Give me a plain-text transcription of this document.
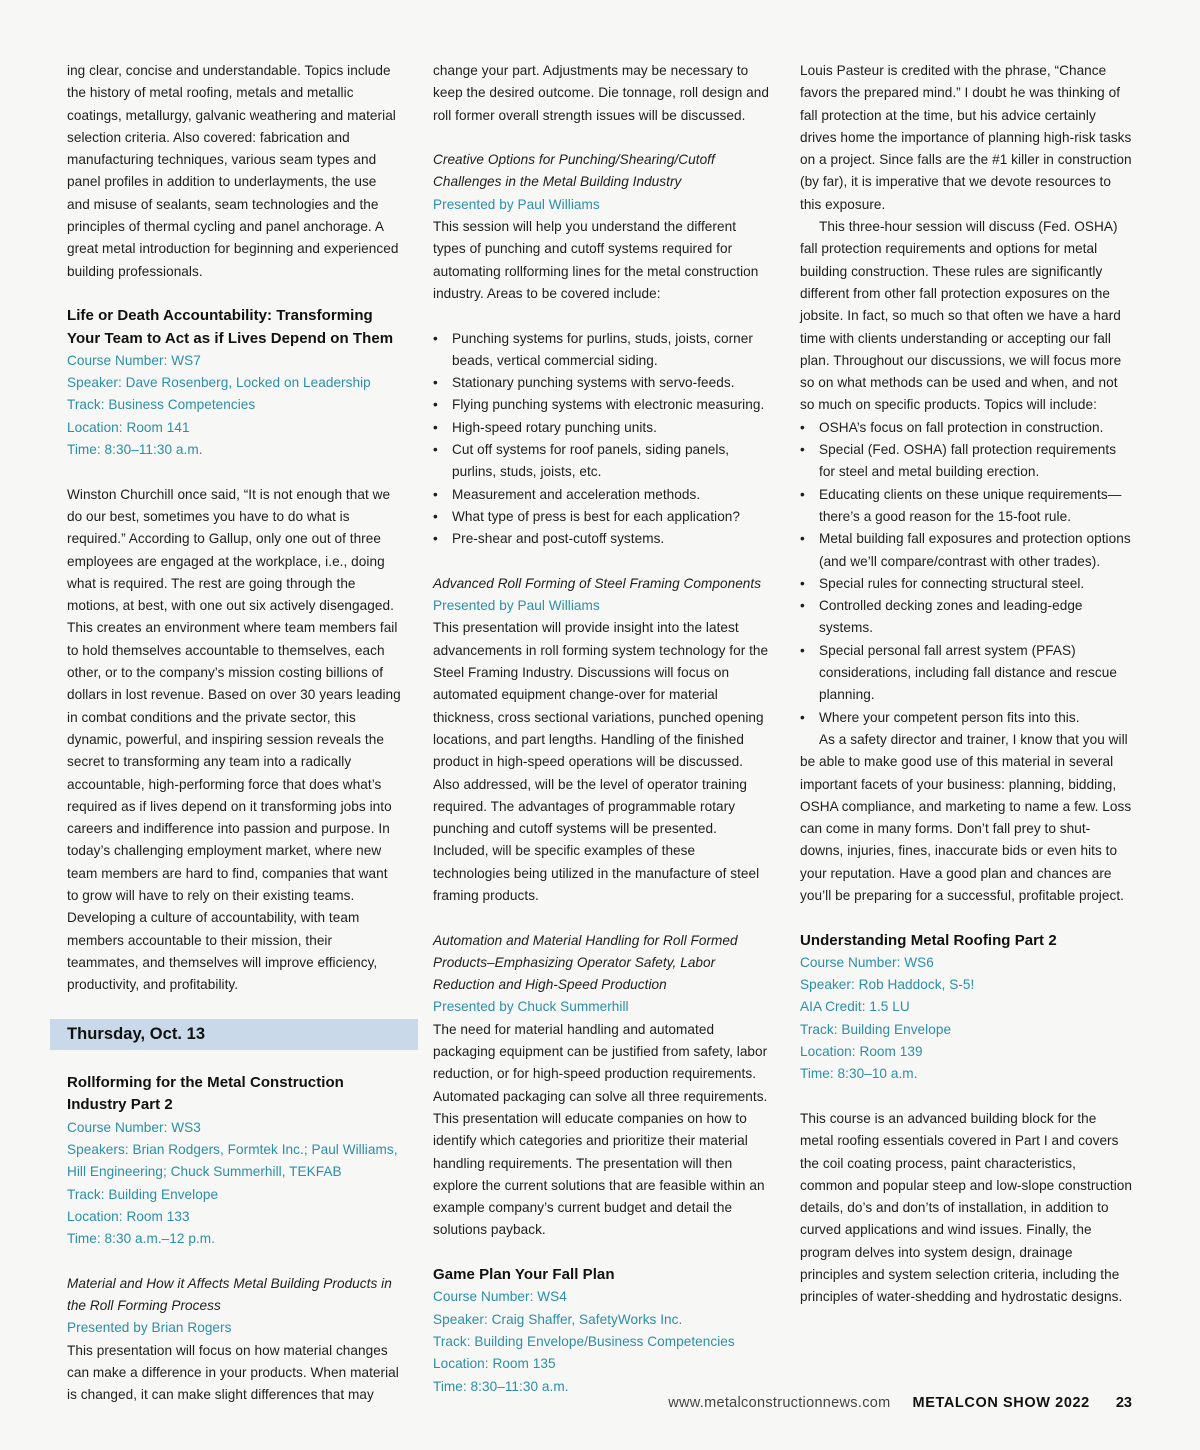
ing clear, concise and understandable. Topics include the history of metal roofing, metals and metallic coatings, metallurgy, galvanic weathering and material selection criteria. Also covered: fabrication and manufacturing techniques, various seam types and panel profiles in addition to underlayments, the use and misuse of sealants, seam technologies and the principles of thermal cycling and panel anchorage. A great metal introduction for beginning and experienced building professionals.

Life or Death Accountability: Transforming Your Team to Act as if Lives Depend on Them

Course Number: WS7

Speaker: Dave Rosenberg, Locked on Leadership

Track: Business Competencies

Location: Room 141

Time: 8:30–11:30 a.m.

Winston Churchill once said, “It is not enough that we do our best, sometimes you have to do what is required.” According to Gallup, only one out of three employees are engaged at the workplace, i.e., doing what is required. The rest are going through the motions, at best, with one out six actively disengaged. This creates an environment where team members fail to hold themselves accountable to themselves, each other, or to the company’s mission costing billions of dollars in lost revenue. Based on over 30 years leading in combat conditions and the private sector, this dynamic, powerful, and inspiring session reveals the secret to transforming any team into a radically accountable, high-performing force that does what’s required as if lives depend on it transforming jobs into careers and indifference into passion and purpose. In today’s challenging employment market, where new team members are hard to find, companies that want to grow will have to rely on their existing teams. Developing a culture of accountability, with team members accountable to their mission, their teammates, and themselves will improve efficiency, productivity, and profitability.

Thursday, Oct. 13

Rollforming for the Metal Construction Industry Part 2

Course Number: WS3

Speakers: Brian Rodgers, Formtek Inc.; Paul Williams, Hill Engineering; Chuck Summerhill, TEKFAB

Track: Building Envelope

Location: Room 133

Time: 8:30 a.m.–12 p.m.

Material and How it Affects Metal Building Products in the Roll Forming Process

Presented by Brian Rogers

This presentation will focus on how material changes can make a difference in your products. When material is changed, it can make slight differences that may

change your part. Adjustments may be necessary to keep the desired outcome. Die tonnage, roll design and roll former overall strength issues will be discussed.

Creative Options for Punching/Shearing/Cutoff Challenges in the Metal Building Industry

Presented by Paul Williams

This session will help you understand the different types of punching and cutoff systems required for automating rollforming lines for the metal construction industry. Areas to be covered include:

• Punching systems for purlins, studs, joists, corner beads, vertical commercial siding.
• Stationary punching systems with servo-feeds.
• Flying punching systems with electronic measuring.
• High-speed rotary punching units.
• Cut off systems for roof panels, siding panels, purlins, studs, joists, etc.
• Measurement and acceleration methods.
• What type of press is best for each application?
• Pre-shear and post-cutoff systems.

Advanced Roll Forming of Steel Framing Components

Presented by Paul Williams

This presentation will provide insight into the latest advancements in roll forming system technology for the Steel Framing Industry. Discussions will focus on automated equipment change-over for material thickness, cross sectional variations, punched opening locations, and part lengths. Handling of the finished product in high-speed operations will be discussed. Also addressed, will be the level of operator training required. The advantages of programmable rotary punching and cutoff systems will be presented. Included, will be specific examples of these technologies being utilized in the manufacture of steel framing products.

Automation and Material Handling for Roll Formed Products–Emphasizing Operator Safety, Labor Reduction and High-Speed Production

Presented by Chuck Summerhill

The need for material handling and automated packaging equipment can be justified from safety, labor reduction, or for high-speed production requirements. Automated packaging can solve all three requirements. This presentation will educate companies on how to identify which categories and prioritize their material handling requirements. The presentation will then explore the current solutions that are feasible within an example company’s current budget and detail the solutions payback.

Game Plan Your Fall Plan

Course Number: WS4

Speaker: Craig Shaffer, SafetyWorks Inc.

Track: Building Envelope/Business Competencies

Location: Room 135

Time: 8:30–11:30 a.m.

Louis Pasteur is credited with the phrase, “Chance favors the prepared mind.” I doubt he was thinking of fall protection at the time, but his advice certainly drives home the importance of planning high-risk tasks on a project. Since falls are the #1 killer in construction (by far), it is imperative that we devote resources to this exposure.

This three-hour session will discuss (Fed. OSHA) fall protection requirements and options for metal building construction. These rules are significantly different from other fall protection exposures on the jobsite. In fact, so much so that often we have a hard time with clients understanding or accepting our fall plan. Throughout our discussions, we will focus more so on what methods can be used and when, and not so much on specific products. Topics will include:

• OSHA’s focus on fall protection in construction.
• Special (Fed. OSHA) fall protection requirements for steel and metal building erection.
• Educating clients on these unique requirements—there’s a good reason for the 15-foot rule.
• Metal building fall exposures and protection options (and we’ll compare/contrast with other trades).
• Special rules for connecting structural steel.
• Controlled decking zones and leading-edge systems.
• Special personal fall arrest system (PFAS) considerations, including fall distance and rescue planning.
• Where your competent person fits into this.

As a safety director and trainer, I know that you will be able to make good use of this material in several important facets of your business: planning, bidding, OSHA compliance, and marketing to name a few. Loss can come in many forms. Don’t fall prey to shut-downs, injuries, fines, inaccurate bids or even hits to your reputation. Have a good plan and chances are you’ll be preparing for a successful, profitable project.

Understanding Metal Roofing Part 2

Course Number: WS6

Speaker: Rob Haddock, S-5!

AIA Credit: 1.5 LU

Track: Building Envelope

Location: Room 139

Time: 8:30–10 a.m.

This course is an advanced building block for the metal roofing essentials covered in Part I and covers the coil coating process, paint characteristics, common and popular steep and low-slope construction details, do’s and don’ts of installation, in addition to curved applications and wind issues. Finally, the program delves into system design, drainage principles and system selection criteria, including the principles of water-shedding and hydrostatic designs.

www.metalconstructionnews.com METALCON SHOW 2022 23
